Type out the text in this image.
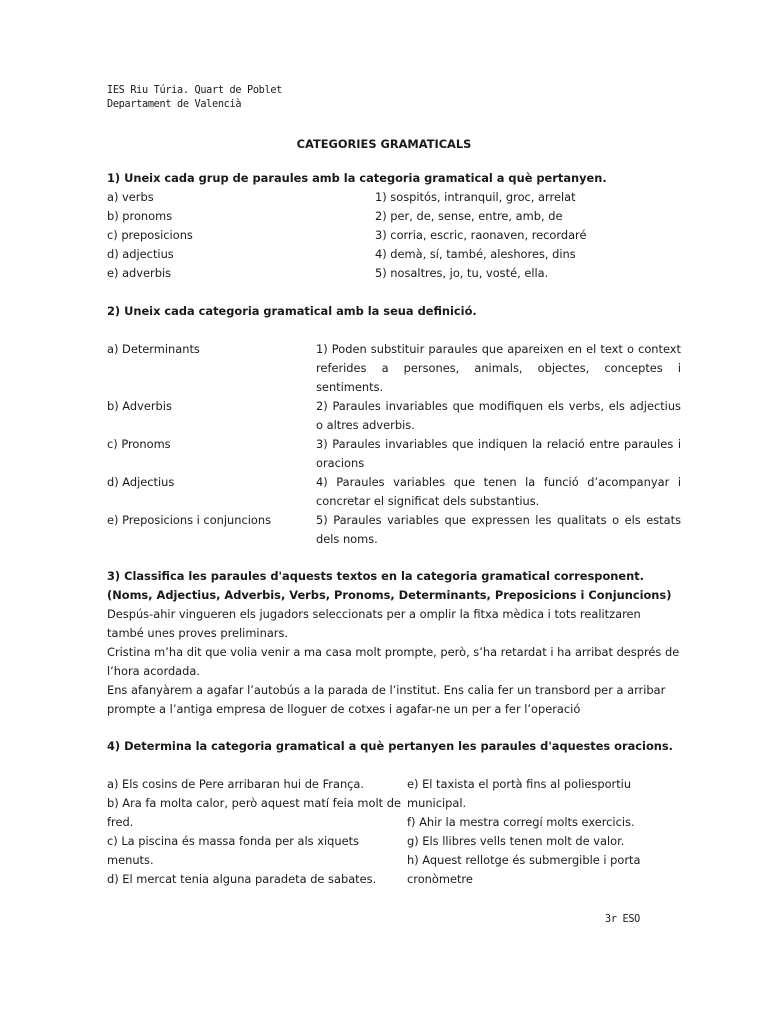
IES Riu Túria. Quart de Poblet
Departament de Valencià
CATEGORIES GRAMATICALS
1) Uneix cada grup de paraules amb la categoria gramatical a què pertanyen.
a) verbs	1) sospitós, intranquil, groc, arrelat
b) pronoms	2) per, de, sense, entre, amb, de
c) preposicions	3) corria, escric, raonaven, recordaré
d) adjectius	4) demà, sí, també, aleshores, dins
e) adverbis	5) nosaltres, jo, tu, vosté, ella.
2) Uneix cada categoria gramatical amb la seua definició.
a) Determinants	1) Poden substituir paraules que apareixen en el text o context referides a persones, animals, objectes, conceptes i sentiments.
b) Adverbis	2) Paraules invariables que modifiquen els verbs, els adjectius o altres adverbis.
c) Pronoms	3) Paraules invariables que indiquen la relació entre paraules i oracions
d) Adjectius	4) Paraules variables que tenen la funció d’acompanyar i concretar el significat dels substantius.
e) Preposicions i conjuncions	5) Paraules variables que expressen les qualitats o els estats dels noms.
3) Classifica les paraules d'aquests textos en la categoria gramatical corresponent.
(Noms, Adjectius, Adverbis, Verbs, Pronoms, Determinants, Preposicions i Conjuncions)

Despús-ahir vingueren els jugadors seleccionats per a omplir la fitxa mèdica i tots realitzaren també unes proves preliminars.

Cristina m’ha dit que volia venir a ma casa molt prompte, però, s’ha retardat i ha arribat després de l’hora acordada.

Ens afanyàrem a agafar l’autobús a la parada de l’institut. Ens calia fer un transbord per a arribar prompte a l’antiga empresa de lloguer de cotxes i agafar-ne un per a fer l’operació

4) Determina la categoria gramatical a què pertanyen les paraules d'aquestes oracions.

a) Els cosins de Pere arribaran hui de França.

b) Ara fa molta calor, però aquest matí feia molt de fred.

c) La piscina és massa fonda per als xiquets menuts.

d) El mercat tenia alguna paradeta de sabates.

e) El taxista el portà fins al poliesportiu municipal.

f) Ahir la mestra corregí molts exercicis.

g) Els llibres vells tenen molt de valor.

h) Aquest rellotge és submergible i porta cronòmetre

3r ESO
